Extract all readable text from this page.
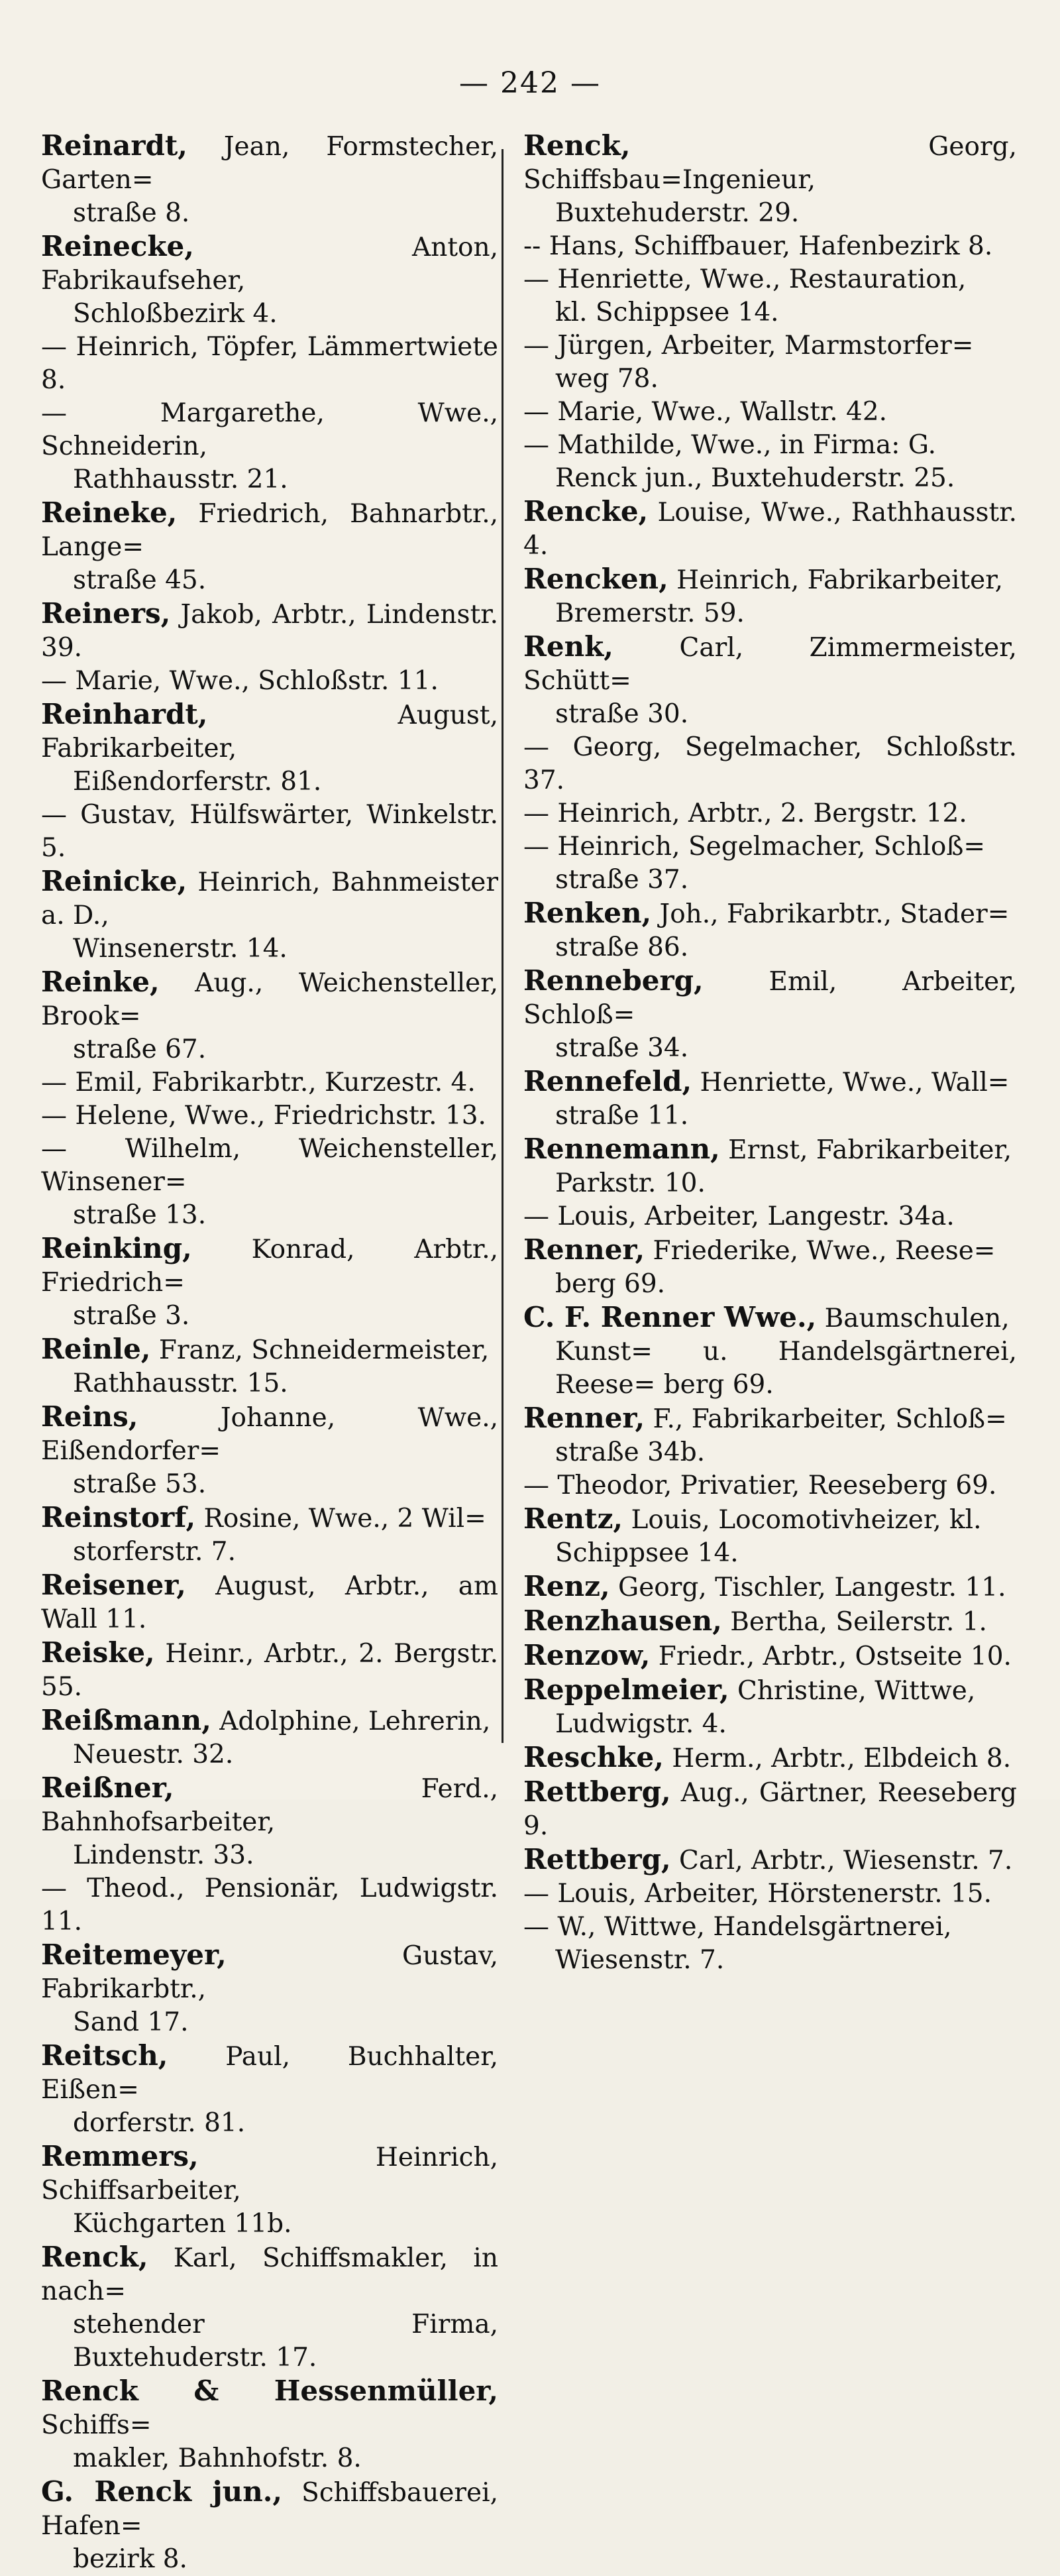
— 242 —
Reinardt, Jean, Formstecher, Garten=
straße 8.
Reinecke, Anton, Fabrikaufseher,
Schloßbezirk 4.
— Heinrich, Töpfer, Lämmertwiete 8.
— Margarethe, Wwe., Schneiderin,
Rathhausstr. 21.
Reineke, Friedrich, Bahnarbtr., Lange=
straße 45.
Reiners, Jakob, Arbtr., Lindenstr. 39.
— Marie, Wwe., Schloßstr. 11.
Reinhardt, August, Fabrikarbeiter,
Eißendorferstr. 81.
— Gustav, Hülfswärter, Winkelstr. 5.
Reinicke, Heinrich, Bahnmeister a. D.,
Winsenerstr. 14.
Reinke, Aug., Weichensteller, Brook=
straße 67.
— Emil, Fabrikarbtr., Kurzestr. 4.
— Helene, Wwe., Friedrichstr. 13.
— Wilhelm, Weichensteller, Winsener=
straße 13.
Reinking, Konrad, Arbtr., Friedrich=
straße 3.
Reinle, Franz, Schneidermeister,
Rathhausstr. 15.
Reins, Johanne, Wwe., Eißendorfer=
straße 53.
Reinstorf, Rosine, Wwe., 2 Wil=
storferstr. 7.
Reisener, August, Arbtr., am Wall 11.
Reiske, Heinr., Arbtr., 2. Bergstr. 55.
Reißmann, Adolphine, Lehrerin,
Neuestr. 32.
Reißner, Ferd., Bahnhofsarbeiter,
Lindenstr. 33.
— Theod., Pensionär, Ludwigstr. 11.
Reitemeyer, Gustav, Fabrikarbtr.,
Sand 17.
Reitsch, Paul, Buchhalter, Eißen=
dorferstr. 81.
Remmers, Heinrich, Schiffsarbeiter,
Küchgarten 11b.
Renck, Karl, Schiffsmakler, in nach=
stehender Firma, Buxtehuderstr. 17.
Renck & Hessenmüller, Schiffs=
makler, Bahnhofstr. 8.
G. Renck jun., Schiffsbauerei, Hafen=
bezirk 8.
Renck, Georg, Schiffsbau=Ingenieur,
Buxtehuderstr. 29.
-- Hans, Schiffbauer, Hafenbezirk 8.
— Henriette, Wwe., Restauration,
kl. Schippsee 14.
— Jürgen, Arbeiter, Marmstorfer=
weg 78.
— Marie, Wwe., Wallstr. 42.
— Mathilde, Wwe., in Firma: G.
Renck jun., Buxtehuderstr. 25.
Rencke, Louise, Wwe., Rathhausstr. 4.
Rencken, Heinrich, Fabrikarbeiter,
Bremerstr. 59.
Renk, Carl, Zimmermeister, Schütt=
straße 30.
— Georg, Segelmacher, Schloßstr. 37.
— Heinrich, Arbtr., 2. Bergstr. 12.
— Heinrich, Segelmacher, Schloß=
straße 37.
Renken, Joh., Fabrikarbtr., Stader=
straße 86.
Renneberg, Emil, Arbeiter, Schloß=
straße 34.
Rennefeld, Henriette, Wwe., Wall=
straße 11.
Rennemann, Ernst, Fabrikarbeiter,
Parkstr. 10.
— Louis, Arbeiter, Langestr. 34a.
Renner, Friederike, Wwe., Reese=
berg 69.
C. F. Renner Wwe., Baumschulen,
Kunst= u. Handelsgärtnerei, Reese= berg 69.
Renner, F., Fabrikarbeiter, Schloß=
straße 34b.
— Theodor, Privatier, Reeseberg 69.
Rentz, Louis, Locomotivheizer, kl.
Schippsee 14.
Renz, Georg, Tischler, Langestr. 11.
Renzhausen, Bertha, Seilerstr. 1.
Renzow, Friedr., Arbtr., Ostseite 10.
Reppelmeier, Christine, Wittwe,
Ludwigstr. 4.
Reschke, Herm., Arbtr., Elbdeich 8.
Rettberg, Aug., Gärtner, Reeseberg 9.
Rettberg, Carl, Arbtr., Wiesenstr. 7.
— Louis, Arbeiter, Hörstenerstr. 15.
— W., Wittwe, Handelsgärtnerei,
Wiesenstr. 7.
